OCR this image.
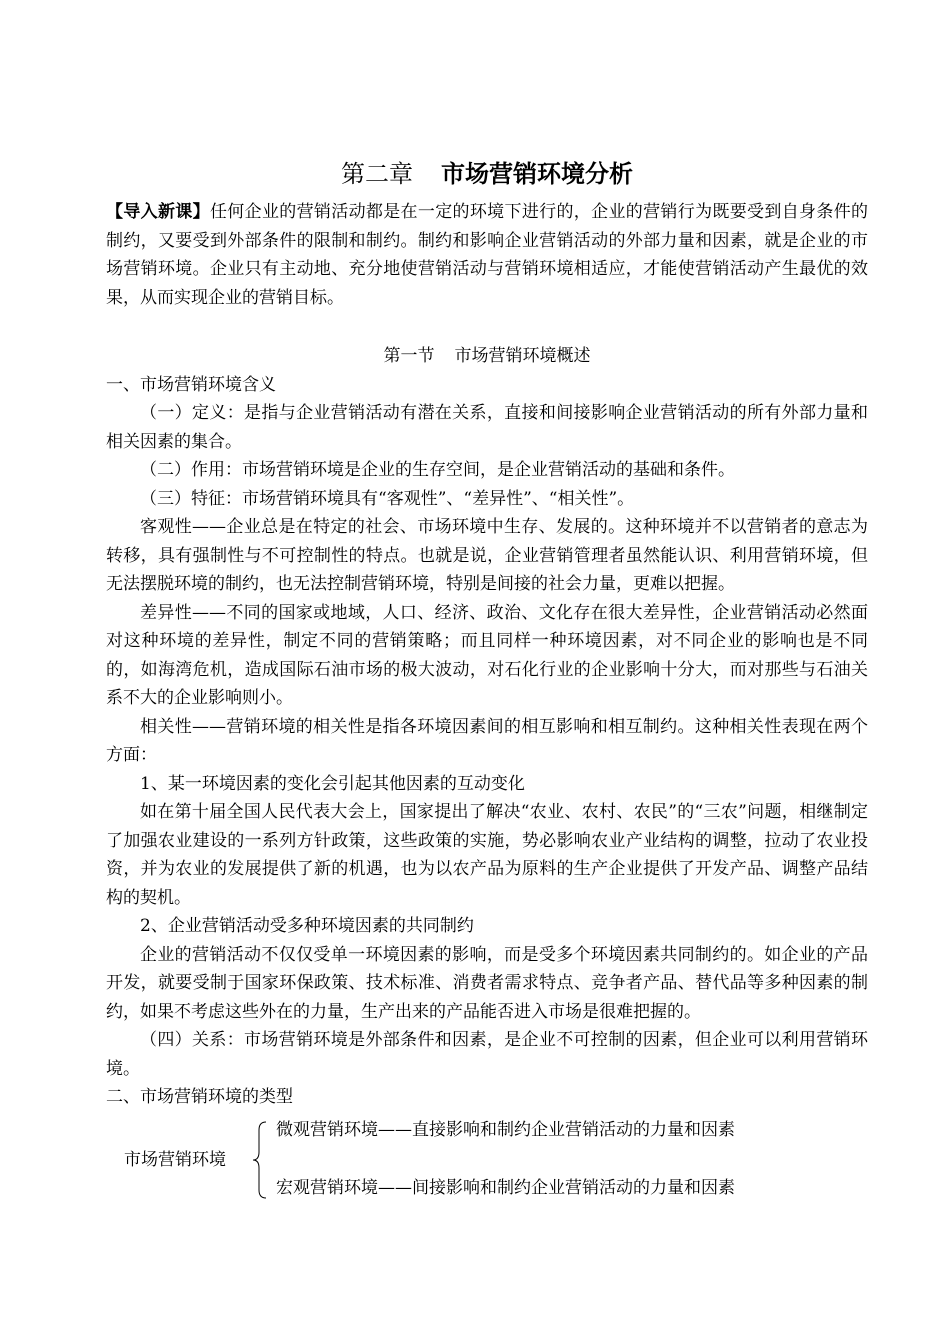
第二章 市场营销环境分析

【导入新课】任何企业的营销活动都是在一定的环境下进行的，企业的营销行为既要受到自身条件的制约，又要受到外部条件的限制和制约。制约和影响企业营销活动的外部力量和因素，就是企业的市场营销环境。企业只有主动地、充分地使营销活动与营销环境相适应，才能使营销活动产生最优的效果，从而实现企业的营销目标。

第一节 市场营销环境概述
一、市场营销环境含义

（一）定义：是指与企业营销活动有潜在关系，直接和间接影响企业营销活动的所有外部力量和相关因素的集合。

（二）作用：市场营销环境是企业的生存空间，是企业营销活动的基础和条件。

（三）特征：市场营销环境具有“客观性”、“差异性”、“相关性”。

客观性——企业总是在特定的社会、市场环境中生存、发展的。这种环境并不以营销者的意志为转移，具有强制性与不可控制性的特点。也就是说，企业营销管理者虽然能认识、利用营销环境，但无法摆脱环境的制约，也无法控制营销环境，特别是间接的社会力量，更难以把握。

差异性——不同的国家或地域，人口、经济、政治、文化存在很大差异性，企业营销活动必然面对这种环境的差异性，制定不同的营销策略；而且同样一种环境因素，对不同企业的影响也是不同的，如海湾危机，造成国际石油市场的极大波动，对石化行业的企业影响十分大，而对那些与石油关系不大的企业影响则小。

相关性——营销环境的相关性是指各环境因素间的相互影响和相互制约。这种相关性表现在两个方面：

1、某一环境因素的变化会引起其他因素的互动变化

如在第十届全国人民代表大会上，国家提出了解决“农业、农村、农民”的“三农”问题，相继制定了加强农业建设的一系列方针政策，这些政策的实施，势必影响农业产业结构的调整，拉动了农业投资，并为农业的发展提供了新的机遇，也为以农产品为原料的生产企业提供了开发产品、调整产品结构的契机。

2、企业营销活动受多种环境因素的共同制约

企业的营销活动不仅仅受单一环境因素的影响，而是受多个环境因素共同制约的。如企业的产品开发，就要受制于国家环保政策、技术标准、消费者需求特点、竞争者产品、替代品等多种因素的制约，如果不考虑这些外在的力量，生产出来的产品能否进入市场是很难把握的。

（四）关系：市场营销环境是外部条件和因素，是企业不可控制的因素，但企业可以利用营销环境。

二、市场营销环境的类型
市场营销环境
微观营销环境——直接影响和制约企业营销活动的力量和因素
宏观营销环境——间接影响和制约企业营销活动的力量和因素
